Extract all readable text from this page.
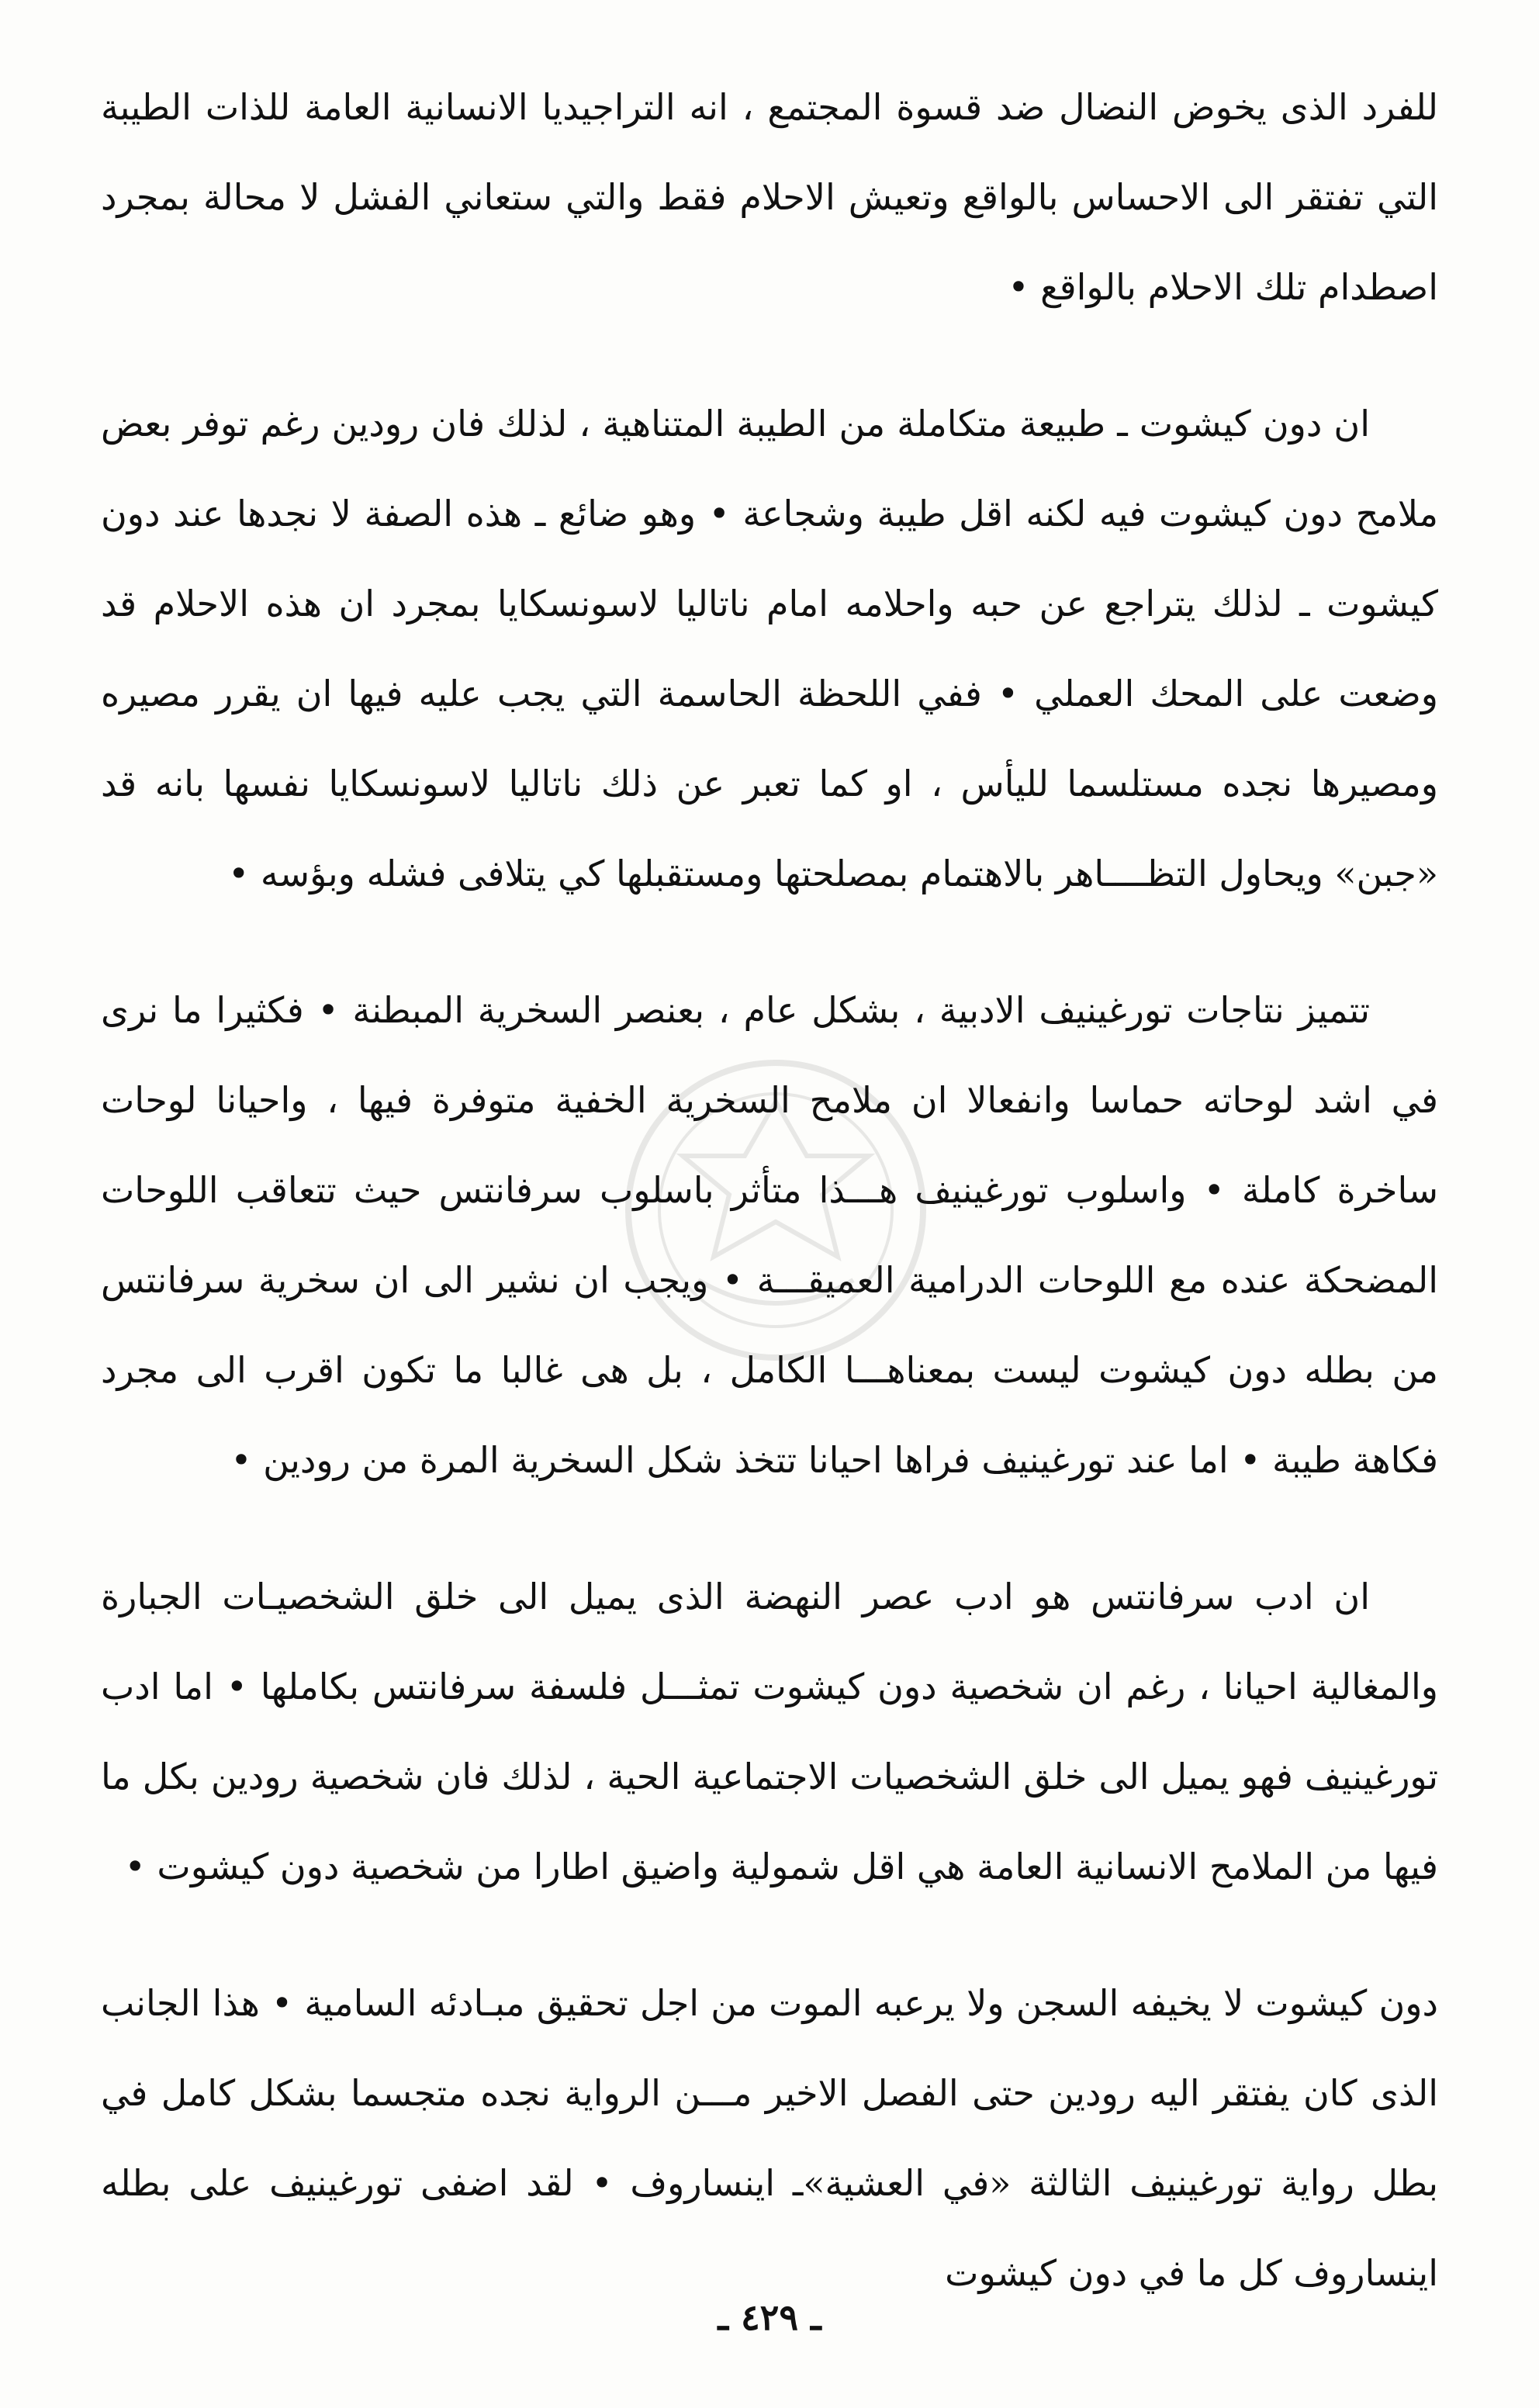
للفرد الذى يخوض النضال ضد قسوة المجتمع ، انه التراجيديا الانسانية العامة للذات الطيبة التي تفتقر الى الاحساس بالواقع وتعيش الاحلام فقط والتي ستعاني الفشل لا محالة بمجرد اصطدام تلك الاحلام بالواقع •

ان دون كيشوت ـ طبيعة متكاملة من الطيبة المتناهية ، لذلك فان رودين رغم توفر بعض ملامح دون كيشوت فيه لكنه اقل طيبة وشجاعة • وهو ضائع ـ هذه الصفة لا نجدها عند دون كيشوت ـ لذلك يتراجع عن حبه واحلامه امام ناتاليا لاسونسكايا بمجرد ان هذه الاحلام قد وضعت على المحك العملي • ففي اللحظة الحاسمة التي يجب عليه فيها ان يقرر مصيره ومصيرها نجده مستلسما لليأس ، او كما تعبر عن ذلك ناتاليا لاسونسكايا نفسها بانه قد «جبن» ويحاول التظــــاهر بالاهتمام بمصلحتها ومستقبلها كي يتلافى فشله وبؤسه •

تتميز نتاجات تورغينيف الادبية ، بشكل عام ، بعنصر السخرية المبطنة • فكثيرا ما نرى في اشد لوحاته حماسا وانفعالا ان ملامح السخرية الخفية متوفرة فيها ، واحيانا لوحات ساخرة كاملة • واسلوب تورغينيف هـــذا متأثر باسلوب سرفانتس حيث تتعاقب اللوحات المضحكة عنده مع اللوحات الدرامية العميقـــة • ويجب ان نشير الى ان سخرية سرفانتس من بطله دون كيشوت ليست بمعناهـــا الكامل ، بل هى غالبا ما تكون اقرب الى مجرد فكاهة طيبة • اما عند تورغينيف فراها احيانا تتخذ شكل السخرية المرة من رودين •

ان ادب سرفانتس هو ادب عصر النهضة الذى يميل الى خلق الشخصيـات الجبارة والمغالية احيانا ، رغم ان شخصية دون كيشوت تمثـــل فلسفة سرفانتس بكاملها • اما ادب تورغينيف فهو يميل الى خلق الشخصيات الاجتماعية الحية ، لذلك فان شخصية رودين بكل ما فيها من الملامح الانسانية العامة هي اقل شمولية واضيق اطارا من شخصية دون كيشوت •

دون كيشوت لا يخيفه السجن ولا يرعبه الموت من اجل تحقيق مبـادئه السامية • هذا الجانب الذى كان يفتقر اليه رودين حتى الفصل الاخير مـــن الرواية نجده متجسما بشكل كامل في بطل رواية تورغينيف الثالثة «في العشية»ـ اينساروف • لقد اضفى تورغينيف على بطله اينساروف كل ما في دون كيشوت

ـ ٤٢٩ ـ
